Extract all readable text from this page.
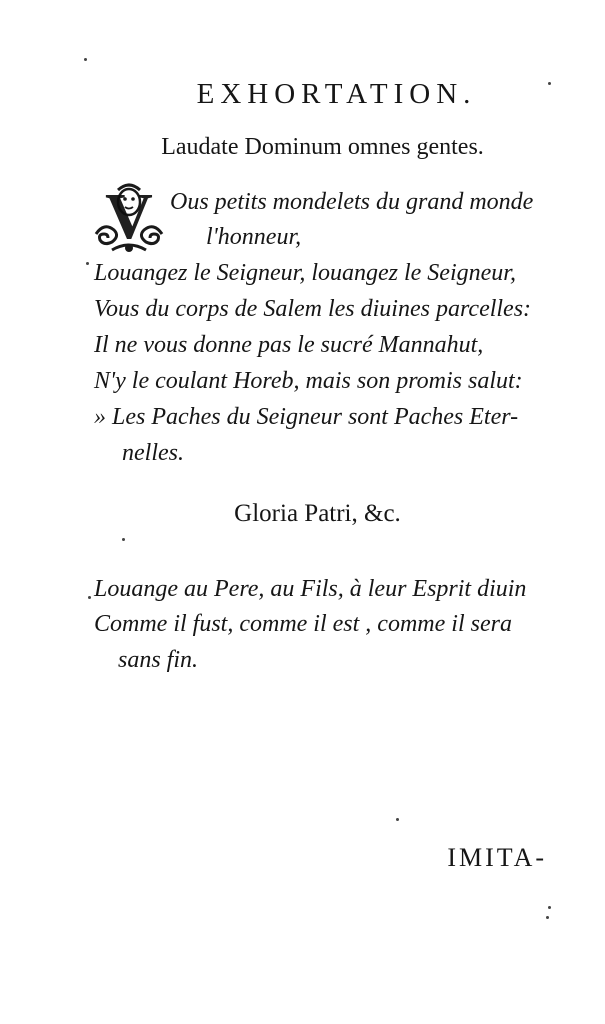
EXHORTATION.
Laudate Dominum omnes gentes.
V Ous petits mondelets du grand monde
l'honneur,
Louangez le Seigneur, louangez le Seigneur,
Vous du corps de Salem les diuines parcelles:
Il ne vous donne pas le sucré Mannahut,
N'y le coulant Horeb, mais son promis salut:
» Les Paches du Seigneur sont Paches Eter-
nelles.
Gloria Patri, &c.
Louange au Pere, au Fils, à leur Esprit diuin
Comme il fust, comme il est , comme il sera
sans fin.
IMITA-
